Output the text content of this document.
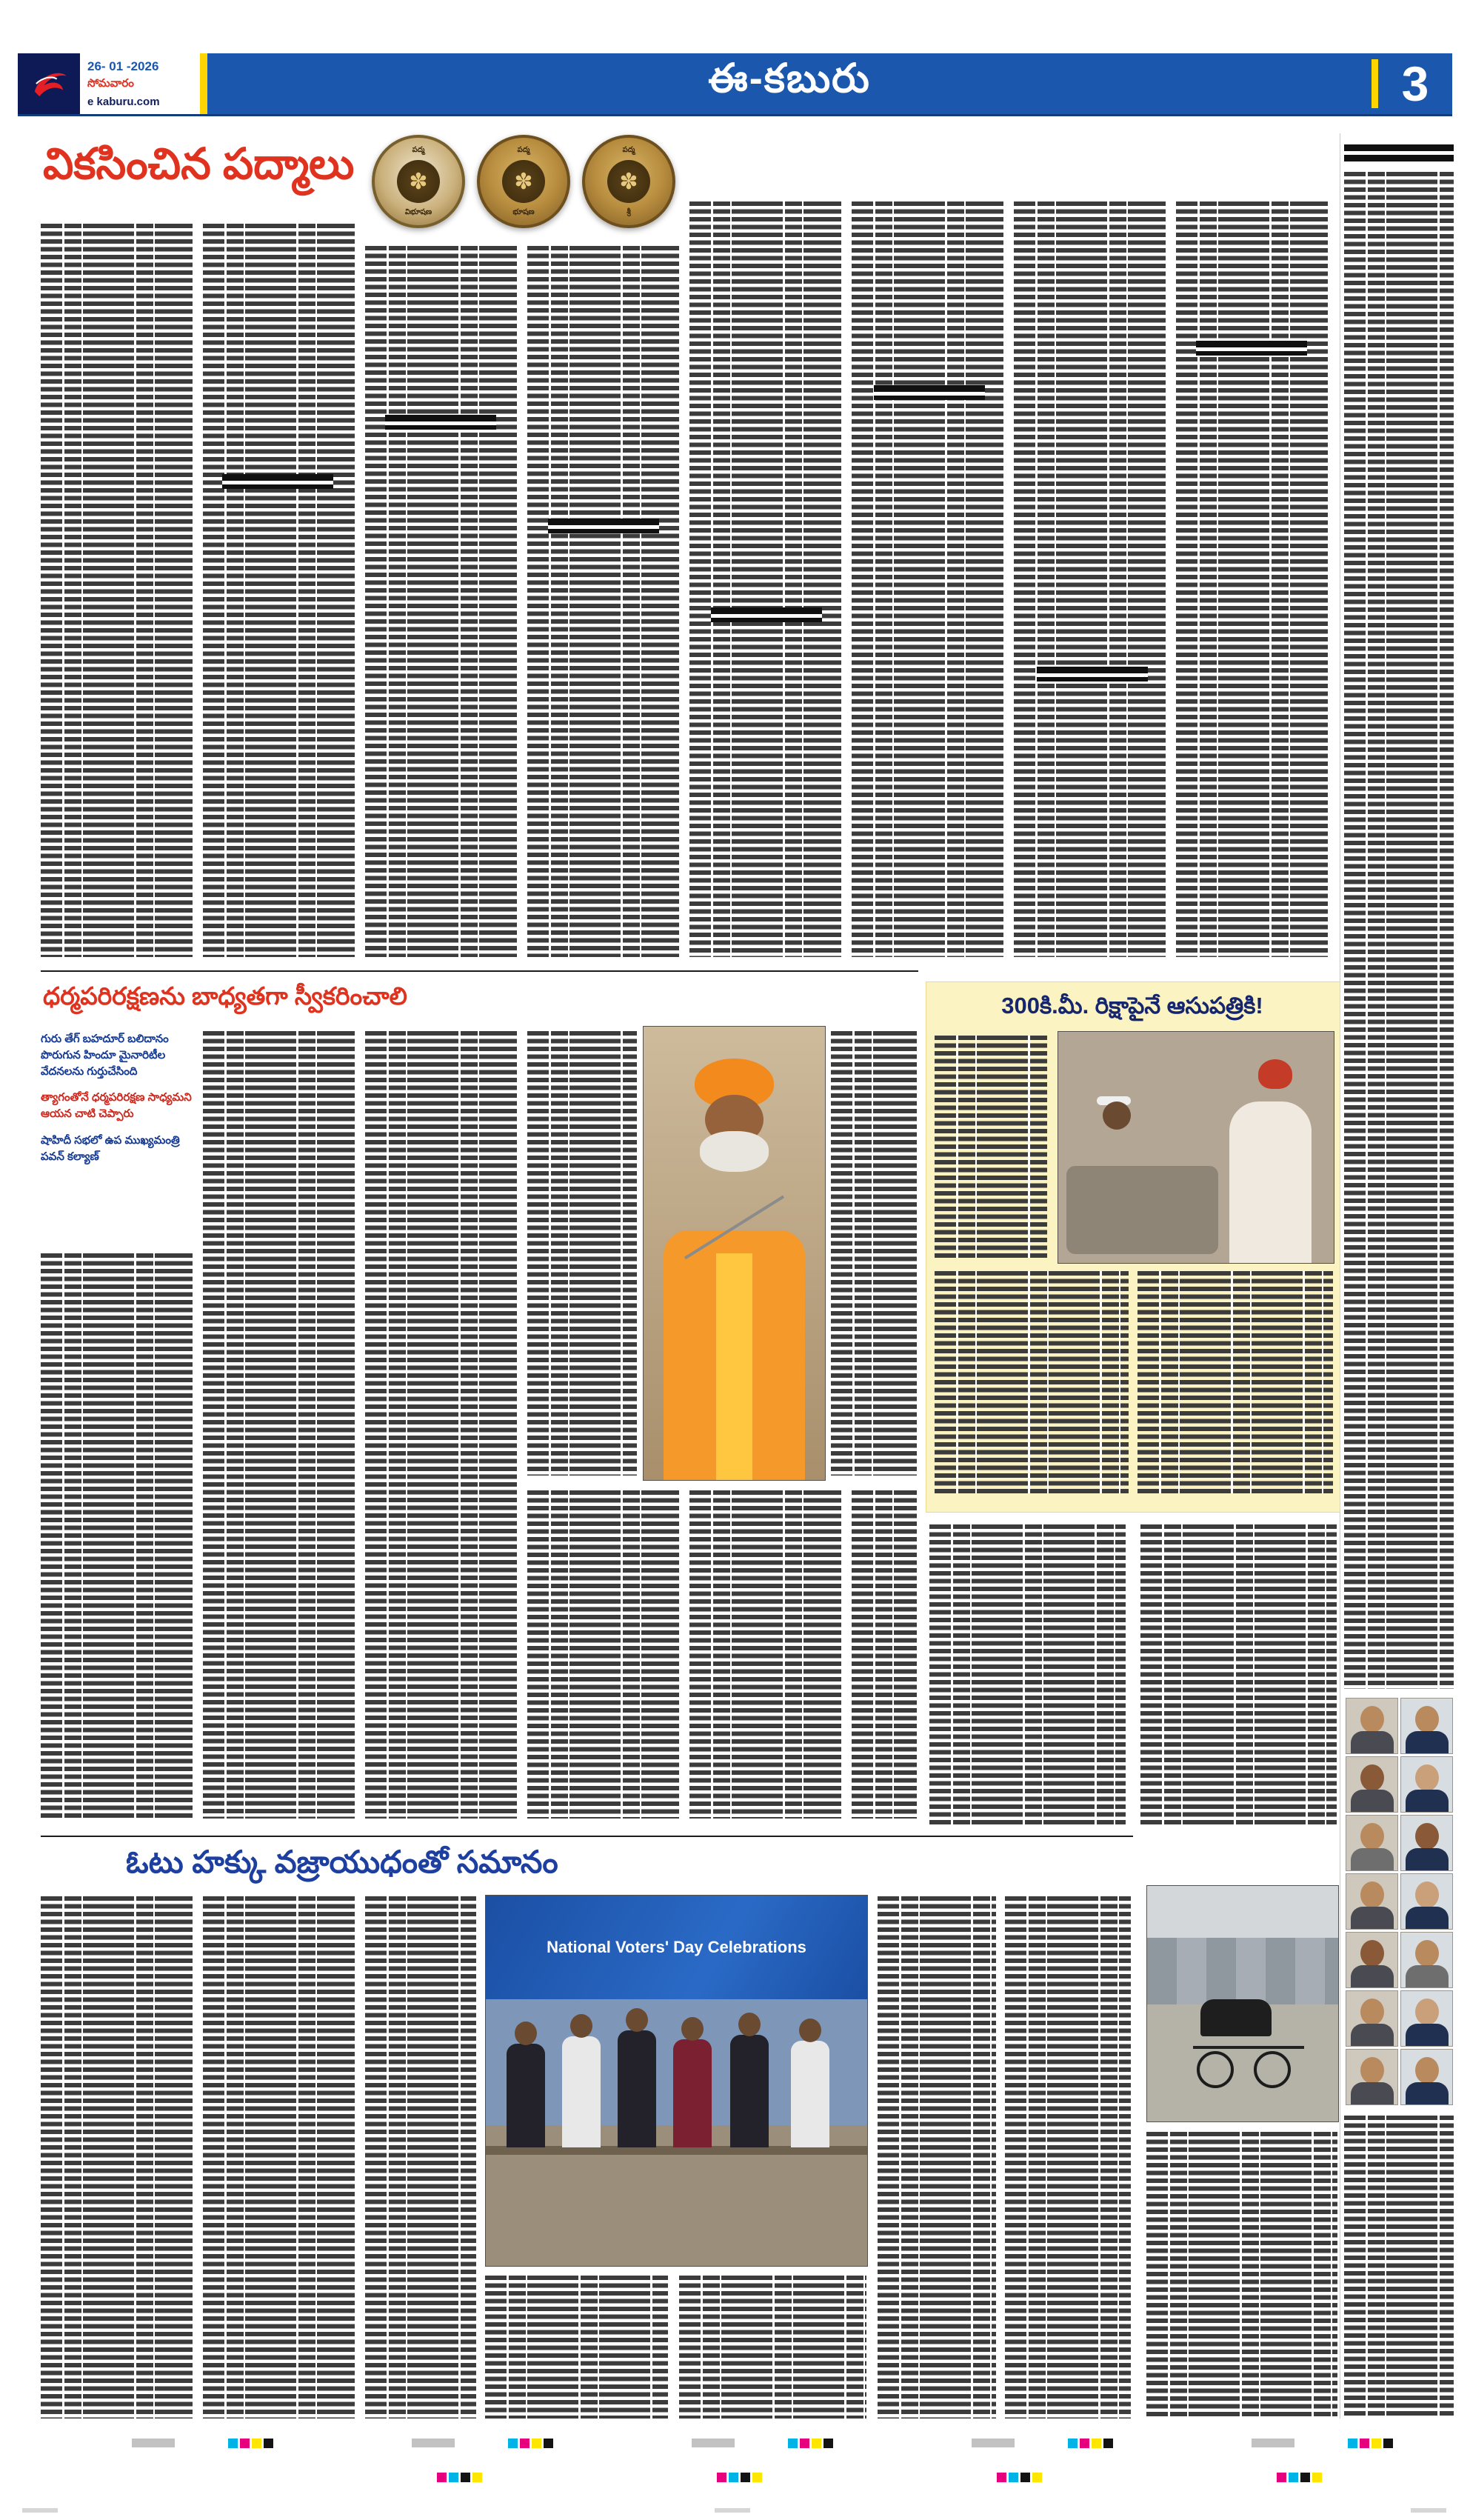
26- 01 -2026
సోమవారం
e kaburu.com
ఈ-కబురు	3
వికసించిన పద్మాలు	పద్మ
✽
విభూషణ
పద్మ
✽
భూషణ
పద్మ
✽
శ్రీ
ధర్మపరిరక్షణను బాధ్యతగా స్వీకరించాలి
గురు తేగ్ బహదూర్ బలిదానం పొరుగున హిందూ మైనారిటీల వేదనలను గుర్తుచేసింది
త్యాగంతోనే ధర్మపరిరక్షణ సాధ్యమని ఆయన చాటి చెప్పారు
షాహిదీ సభలో ఉప ముఖ్యమంత్రి పవన్ కల్యాణ్
300కి.మీ. రిక్షాపైనే ఆసుపత్రికి!
ఓటు హక్కు వజ్రాయుధంతో సమానం
National Voters' Day Celebrations
